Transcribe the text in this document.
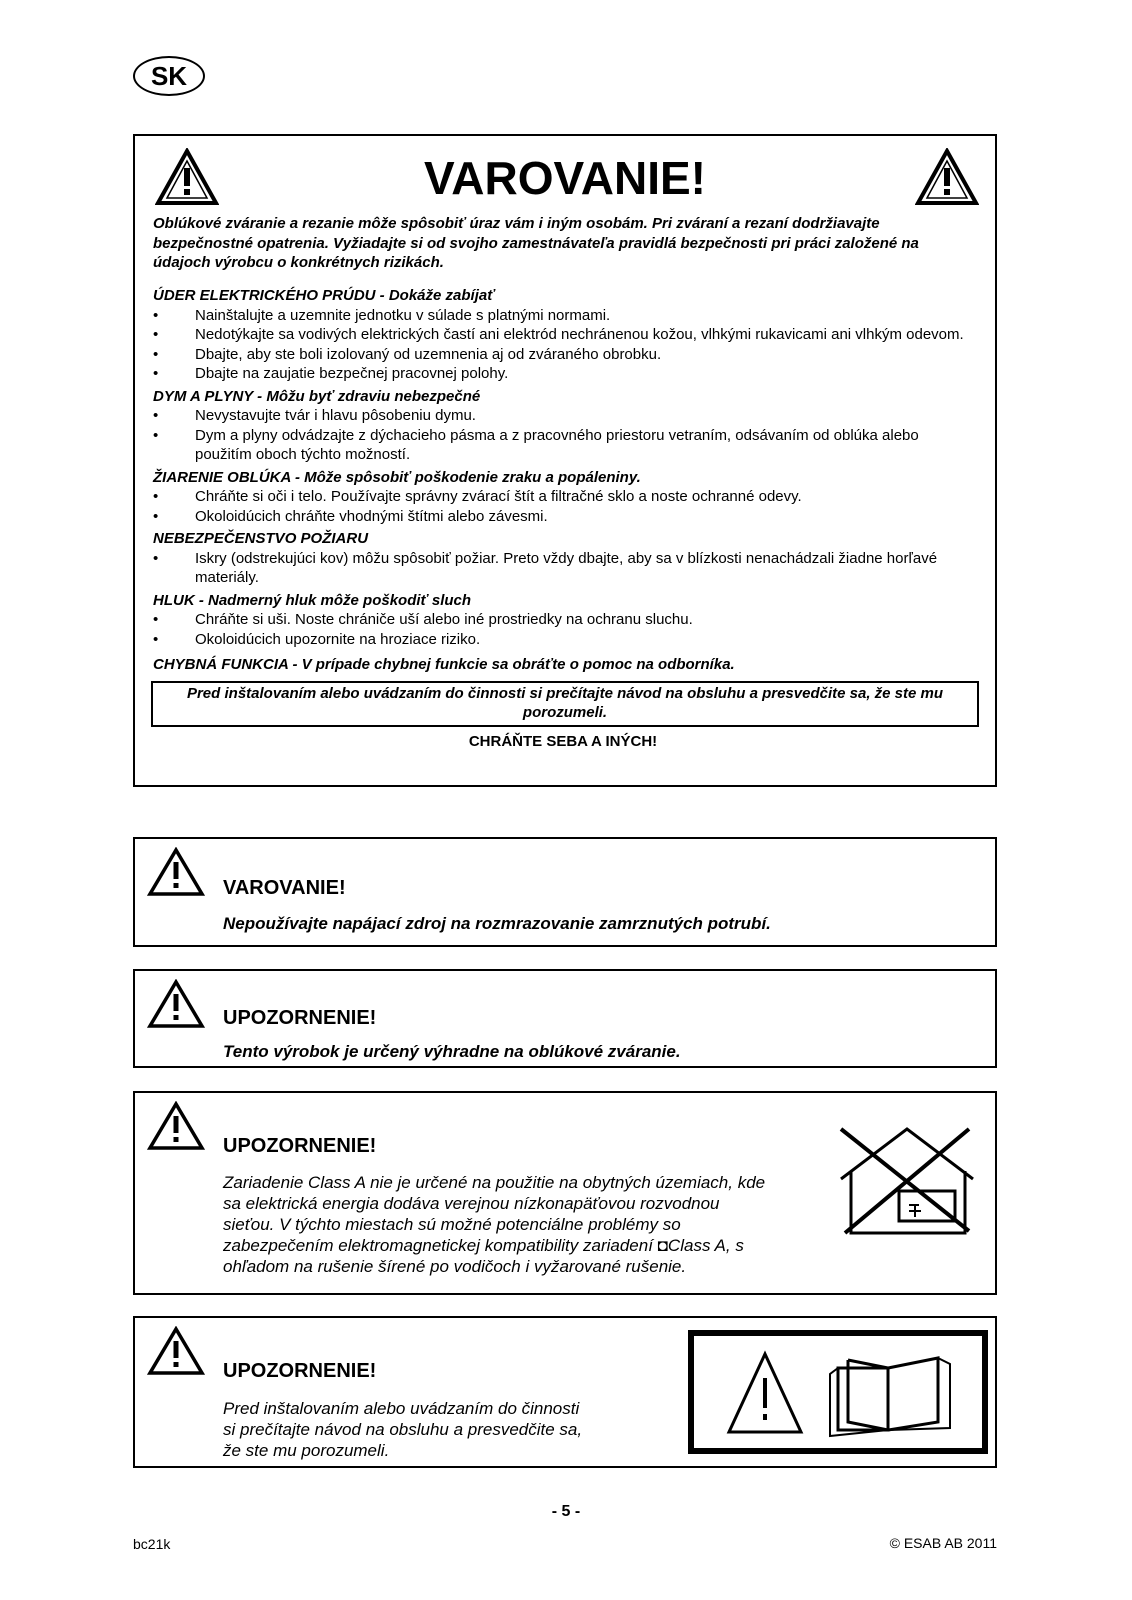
SK
VAROVANIE!
Oblúkové zváranie a rezanie môže spôsobiť úraz vám i iným osobám. Pri zváraní a rezaní dodržiavajte bezpečnostné opatrenia. Vyžiadajte si od svojho zamestnávateľa pravidlá bezpečnosti pri práci založené na údajoch výrobcu o konkrétnych rizikách.
ÚDER ELEKTRICKÉHO PRÚDU - Dokáže zabíjať
• Nainštalujte a uzemnite jednotku v súlade s platnými normami.
• Nedotýkajte sa vodivých elektrických častí ani elektród nechránenou kožou, vlhkými rukavicami ani vlhkým odevom.
• Dbajte, aby ste boli izolovaný od uzemnenia aj od zváraného obrobku.
• Dbajte na zaujatie bezpečnej pracovnej polohy.
DYM A PLYNY - Môžu byť zdraviu nebezpečné
• Nevystavujte tvár i hlavu pôsobeniu dymu.
• Dym a plyny odvádzajte z dýchacieho pásma a z pracovného priestoru vetraním, odsávaním od oblúka alebo použitím oboch týchto možností.
ŽIARENIE OBLÚKA - Môže spôsobiť poškodenie zraku a popáleniny.
• Chráňte si oči i telo. Používajte správny zvárací štít a filtračné sklo a noste ochranné odevy.
• Okoloidúcich chráňte vhodnými štítmi alebo závesmi.
NEBEZPEČENSTVO POŽIARU
• Iskry (odstrekujúci kov) môžu spôsobiť požiar. Preto vždy dbajte, aby sa v blízkosti nenachádzali žiadne horľavé materiály.
HLUK - Nadmerný hluk môže poškodiť sluch
• Chráňte si uši. Noste chrániče uší alebo iné prostriedky na ochranu sluchu.
• Okoloidúcich upozornite na hroziace riziko.
CHYBNÁ FUNKCIA - V prípade chybnej funkcie sa obráťte o pomoc na odborníka.
Pred inštalovaním alebo uvádzaním do činnosti si prečítajte návod na obsluhu a presvedčite sa, že ste mu porozumeli.
CHRÁŇTE SEBA A INÝCH!
VAROVANIE!
Nepoužívajte napájací zdroj na rozmrazovanie zamrznutých potrubí.
UPOZORNENIE!
Tento výrobok je určený výhradne na oblúkové zváranie.
UPOZORNENIE!
Zariadenie Class A nie je určené na použitie na obytných územiach, kde
sa elektrická energia dodáva verejnou nízkonapäťovou rozvodnou
sieťou. V týchto miestach sú možné potenciálne problémy so
zabezpečením elektromagnetickej kompatibility zariadení ◘Class A, s
ohľadom na rušenie šírené po vodičoch i vyžarované rušenie.
UPOZORNENIE!
Pred inštalovaním alebo uvádzaním do činnosti
si prečítajte návod na obsluhu a presvedčite sa,
že ste mu porozumeli.
- 5 -
bc21k	© ESAB AB 2011
